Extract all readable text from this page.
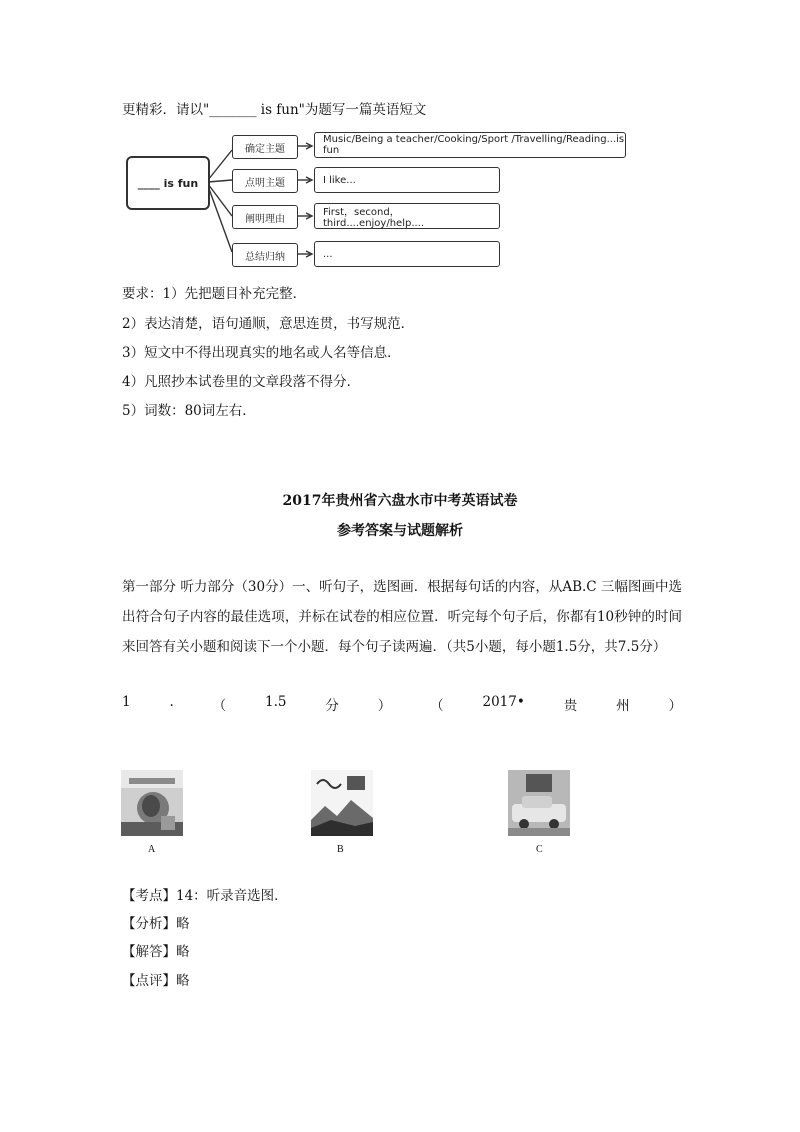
更精彩．请以"_______ is fun"为题写一篇英语短文
____ is fun
确定主题
点明主题
阐明理由
总结归纳
Music/Being a teacher/Cooking/Sport /Travelling/Reading...is fun
I like...
First，second，third....enjoy/help....
...
要求：1）先把题目补充完整．
2）表达清楚，语句通顺，意思连贯，书写规范．
3）短文中不得出现真实的地名或人名等信息．
4）凡照抄本试卷里的文章段落不得分．
5）词数：80词左右．
2017年贵州省六盘水市中考英语试卷
参考答案与试题解析
第一部分 听力部分（30分）一、听句子，选图画．根据每句话的内容，从AB.C 三幅图画中选出符合句子内容的最佳选项，并标在试卷的相应位置．听完每个句子后，你都有10秒钟的时间来回答有关小题和阅读下一个小题．每个句子读两遍．（共5小题，每小题1.5分，共7.5分）
1	.	（	1.5	分	）	（	2017•	贵	州	）
A	B	C
【考点】14：听录音选图．
【分析】略
【解答】略
【点评】略
